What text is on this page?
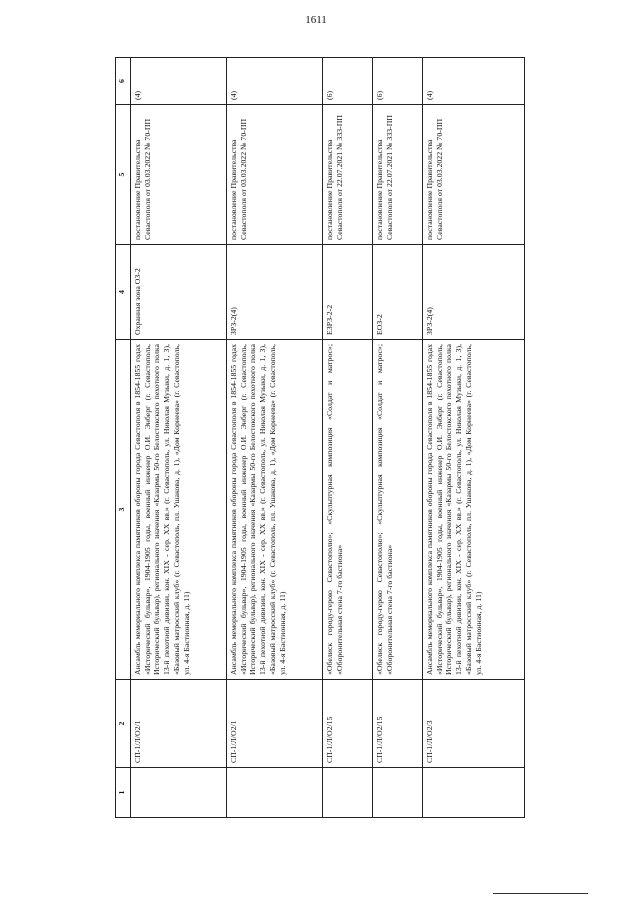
1611
1	2	3	4	5	6
	СП-1/Л/О2/1	Ансамбль мемориального комплекса памятников обороны города Севастополя в 1854-1855 годах «Исторический бульвар», 1904-1905 годы, военный инженер О.И. Энберг (г. Севастополь, Исторический бульвар), регионального значения «Казармы 50-го Белостокского пехотного полка 13-й пехотной дивизии, кон. XIX - сер. XX вв.» (г. Севастополь, ул. Николая Музыки, д. 1, 3), «Базовый матросский клуб» (г. Севастополь, пл. Ушакова, д. 1), «Дом Корнеева» (г. Севастополь, ул. 4-я Бастионная, д. 11)	Охранная зона ОЗ-2	постановление Правительства Севастополя от 03.03.2022 № 70-ПП	(4)
	СП-1/Л/О2/1	Ансамбль мемориального комплекса памятников обороны города Севастополя в 1854-1855 годах «Исторический бульвар», 1904-1905 годы, военный инженер О.И. Энберг (г. Севастополь, Исторический бульвар), регионального значения «Казармы 50-го Белостокского пехотного полка 13-й пехотной дивизии, кон. XIX - сер. XX вв.» (г. Севастополь, ул. Николая Музыки, д. 1, 3), «Базовый матросский клуб» (г. Севастополь, пл. Ушакова, д. 1), «Дом Корнеева» (г. Севастополь, ул. 4-я Бастионная, д. 11)	ЗРЗ-2(4)	постановление Правительства Севастополя от 03.03.2022 № 70-ПП	(4)
	СП-1/Л/О2/15	«Обелиск городу-герою Севастополю»; «Скульптурная композиция «Солдат и матрос»; «Оборонительная стена 7-го бастиона»	ЕЗРЗ-2-2	постановление Правительства Севастополя от 22.07.2021 № 333-ПП	(6)
	СП-1/Л/О2/15	«Обелиск городу-герою Севастополю»; «Скульптурная композиция «Солдат и матрос»; «Оборонительная стена 7-го бастиона»	ЕОЗ-2	постановление Правительства Севастополя от 22.07.2021 № 333-ПП	(6)
	СП-1/Л/О2/3	Ансамбль мемориального комплекса памятников обороны города Севастополя в 1854-1855 годах «Исторический бульвар», 1904-1905 годы, военный инженер О.И. Энберг (г. Севастополь, Исторический бульвар), регионального значения «Казармы 50-го Белостокского пехотного полка 13-й пехотной дивизии, кон. XIX - сер. XX вв.» (г. Севастополь, ул. Николая Музыки, д. 1, 3), «Базовый матросский клуб» (г. Севастополь, пл. Ушакова, д. 1), «Дом Корнеева» (г. Севастополь, ул. 4-я Бастионная, д. 11)	ЗРЗ-2(4)	постановление Правительства Севастополя от 03.03.2022 № 70-ПП	(4)
